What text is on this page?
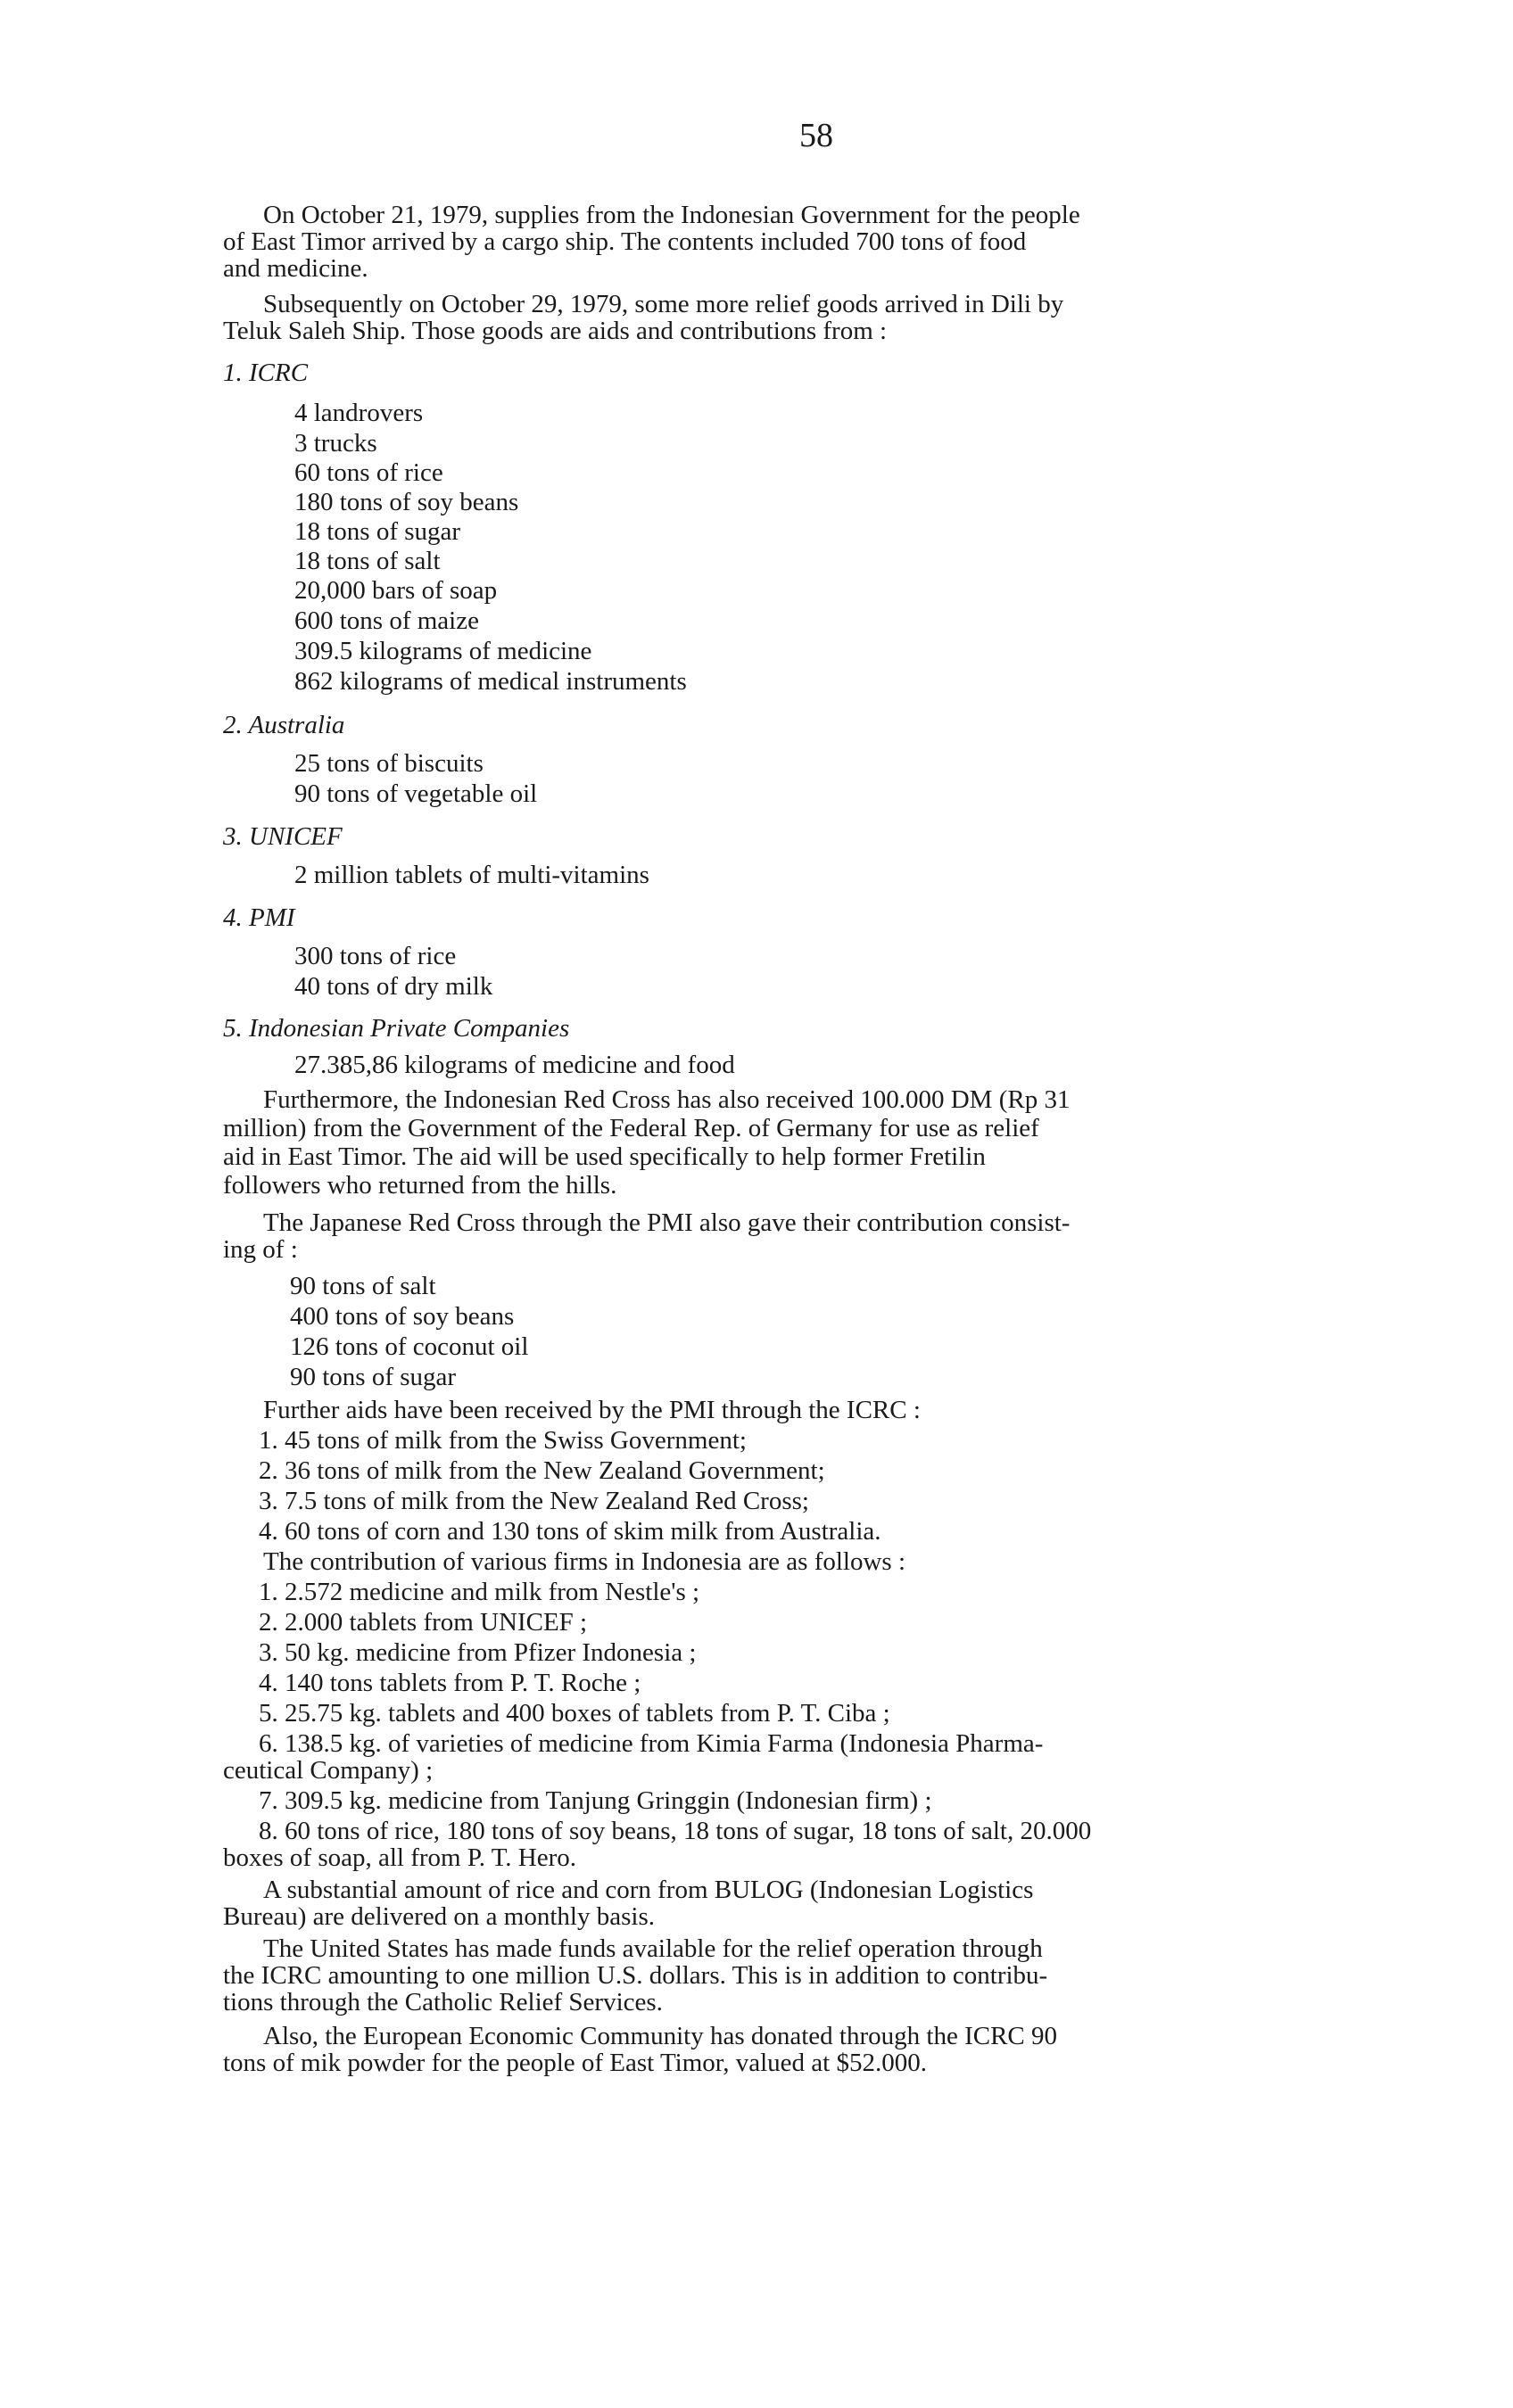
58

On October 21, 1979, supplies from the Indonesian Government for the people

of East Timor arrived by a cargo ship. The contents included 700 tons of food

and medicine.

Subsequently on October 29, 1979, some more relief goods arrived in Dili by

Teluk Saleh Ship. Those goods are aids and contributions from :

1. ICRC

4 landrovers

3 trucks

60 tons of rice

180 tons of soy beans

18 tons of sugar

18 tons of salt

20,000 bars of soap

600 tons of maize

309.5 kilograms of medicine

862 kilograms of medical instruments

2. Australia

25 tons of biscuits

90 tons of vegetable oil

3. UNICEF

2 million tablets of multi-vitamins

4. PMI

300 tons of rice

40 tons of dry milk

5. Indonesian Private Companies

27.385,86 kilograms of medicine and food

Furthermore, the Indonesian Red Cross has also received 100.000 DM (Rp 31

million) from the Government of the Federal Rep. of Germany for use as relief

aid in East Timor. The aid will be used specifically to help former Fretilin

followers who returned from the hills.

The Japanese Red Cross through the PMI also gave their contribution consist-

ing of :

90 tons of salt

400 tons of soy beans

126 tons of coconut oil

90 tons of sugar

Further aids have been received by the PMI through the ICRC :

1. 45 tons of milk from the Swiss Government;

2. 36 tons of milk from the New Zealand Government;

3. 7.5 tons of milk from the New Zealand Red Cross;

4. 60 tons of corn and 130 tons of skim milk from Australia.

The contribution of various firms in Indonesia are as follows :

1. 2.572 medicine and milk from Nestle's ;

2. 2.000 tablets from UNICEF ;

3. 50 kg. medicine from Pfizer Indonesia ;

4. 140 tons tablets from P. T. Roche ;

5. 25.75 kg. tablets and 400 boxes of tablets from P. T. Ciba ;

6. 138.5 kg. of varieties of medicine from Kimia Farma (Indonesia Pharma-

ceutical Company) ;

7. 309.5 kg. medicine from Tanjung Gringgin (Indonesian firm) ;

8. 60 tons of rice, 180 tons of soy beans, 18 tons of sugar, 18 tons of salt, 20.000

boxes of soap, all from P. T. Hero.

A substantial amount of rice and corn from BULOG (Indonesian Logistics

Bureau) are delivered on a monthly basis.

The United States has made funds available for the relief operation through

the ICRC amounting to one million U.S. dollars. This is in addition to contribu-

tions through the Catholic Relief Services.

Also, the European Economic Community has donated through the ICRC 90

tons of mik powder for the people of East Timor, valued at $52.000.
